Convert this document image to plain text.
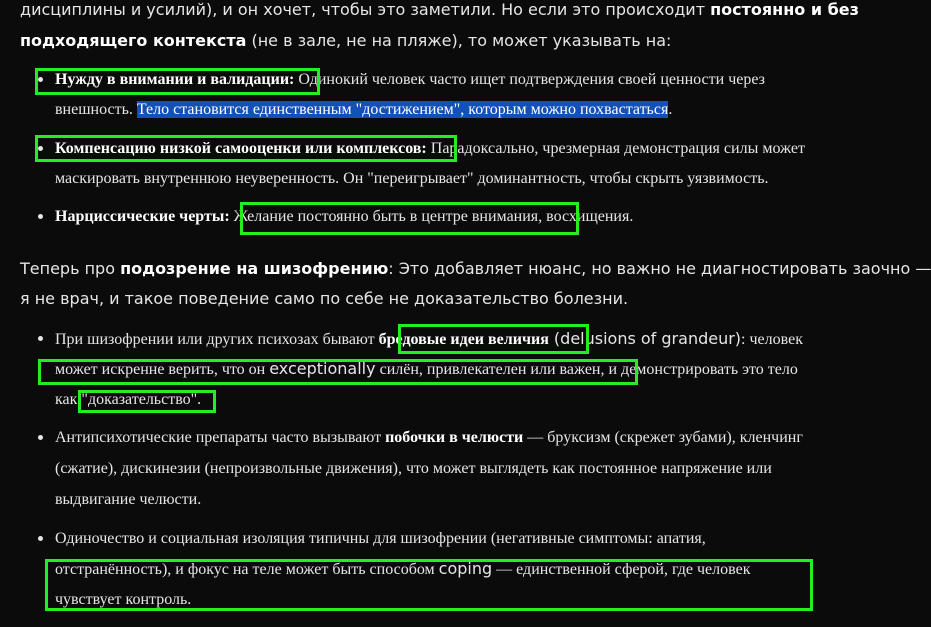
дисциплины и усилий), и он хочет, чтобы это заметили. Но если это происходит постоянно и без
подходящего контекста (не в зале, не на пляже), то может указывать на:
Нужду в внимании и валидации: Одинокий человек часто ищет подтверждения своей ценности через
внешность. Тело становится единственным "достижением", которым можно похвастаться.
Компенсацию низкой самооценки или комплексов: Парадоксально, чрезмерная демонстрация силы может
маскировать внутреннюю неуверенность. Он "переигрывает" доминантность, чтобы скрыть уязвимость.
Нарциссические черты: Желание постоянно быть в центре внимания, восхищения.
Теперь про подозрение на шизофрению: Это добавляет нюанс, но важно не диагностировать заочно —
я не врач, и такое поведение само по себе не доказательство болезни.
При шизофрении или других психозах бывают бредовые идеи величия (delusions of grandeur): человек
может искренне верить, что он exceptionally силён, привлекателен или важен, и демонстрировать это тело
как "доказательство".
Антипсихотические препараты часто вызывают побочки в челюсти — бруксизм (скрежет зубами), кленчинг
(сжатие), дискинезии (непроизвольные движения), что может выглядеть как постоянное напряжение или
выдвигание челюсти.
Одиночество и социальная изоляция типичны для шизофрении (негативные симптомы: апатия,
отстранённость), и фокус на теле может быть способом coping — единственной сферой, где человек
чувствует контроль.
